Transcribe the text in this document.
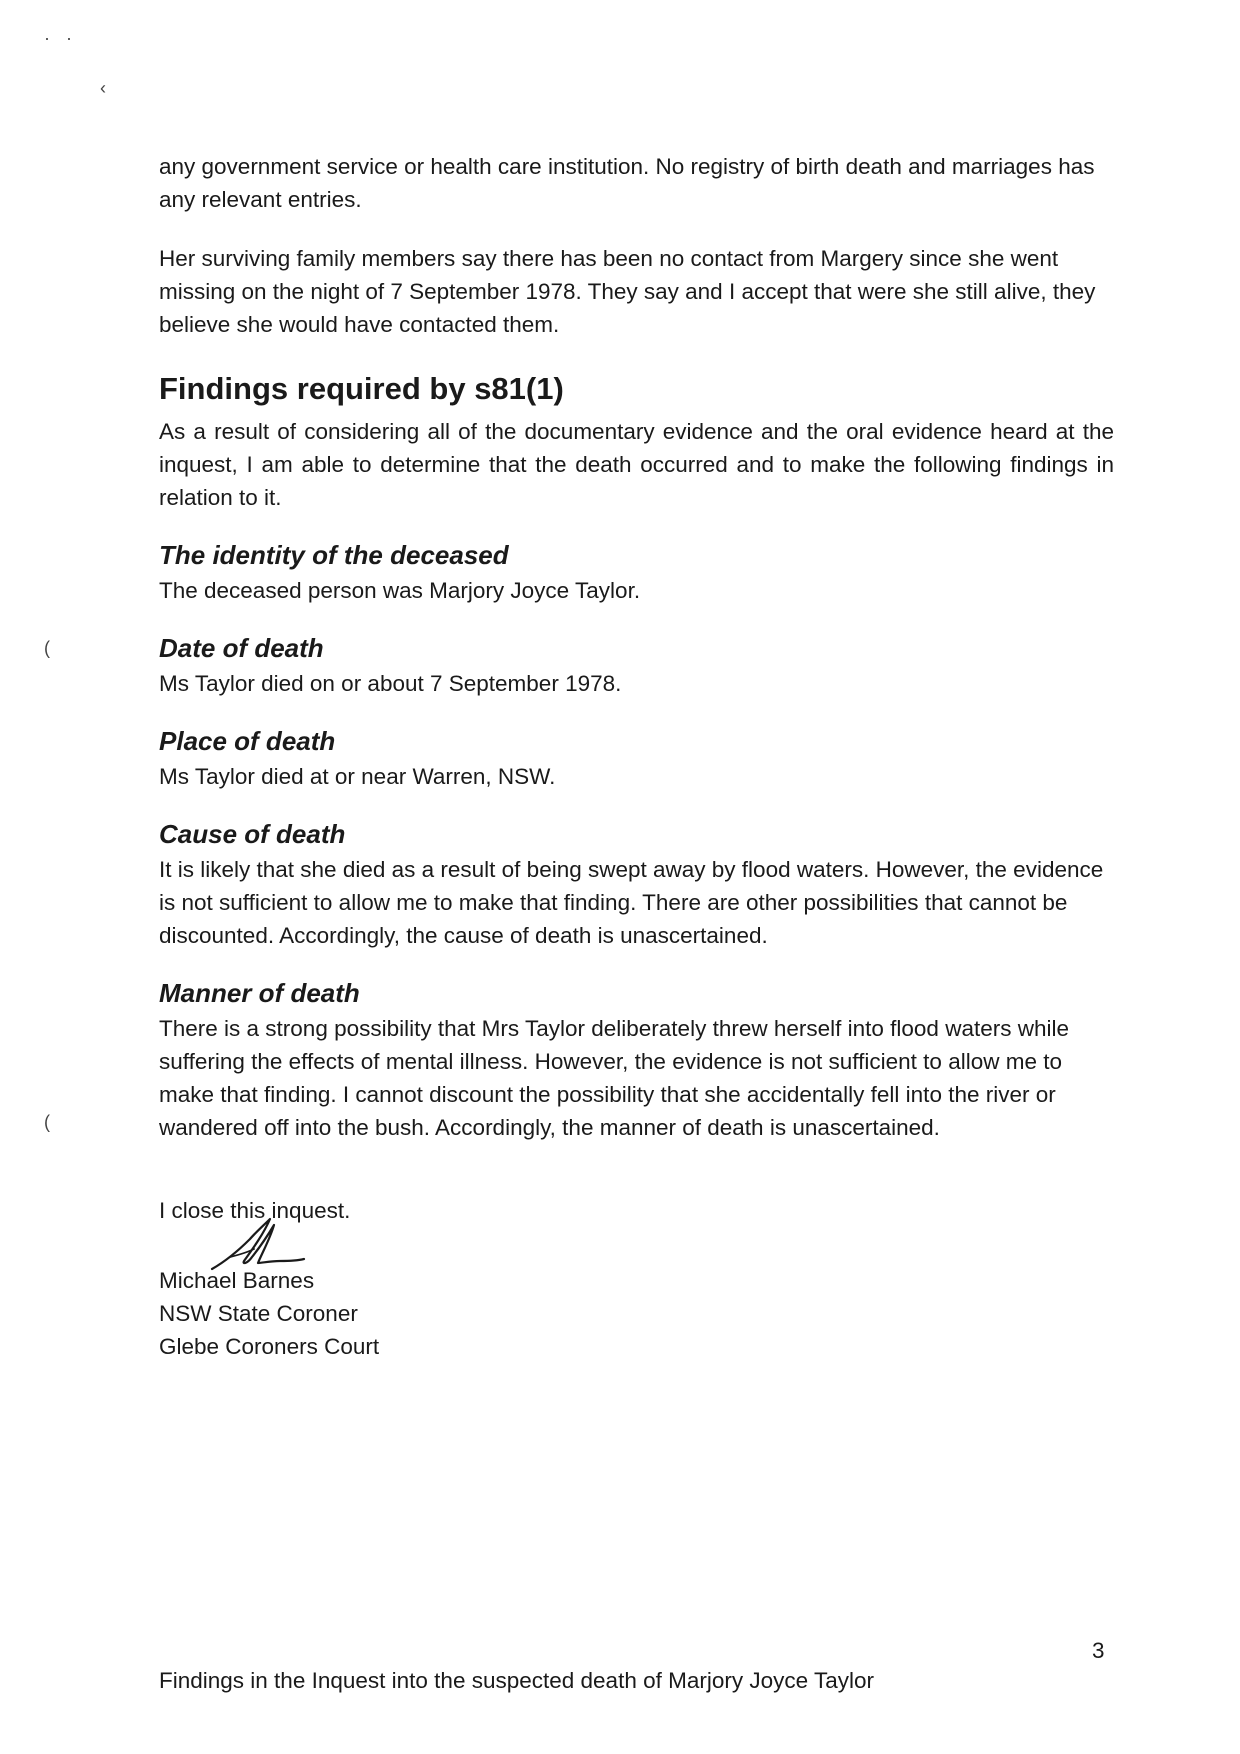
· ·
‹
(
(

any government service or health care institution. No registry of birth death and marriages has any relevant entries.

Her surviving family members say there has been no contact from Margery since she went missing on the night of 7 September 1978. They say and I accept that were she still alive, they believe she would have contacted them.

Findings required by s81(1)

As a result of considering all of the documentary evidence and the oral evidence heard at the inquest, I am able to determine that the death occurred and to make the following findings in relation to it.

The identity of the deceased

The deceased person was Marjory Joyce Taylor.

Date of death

Ms Taylor died on or about 7 September 1978.

Place of death

Ms Taylor died at or near Warren, NSW.

Cause of death

It is likely that she died as a result of being swept away by flood waters. However, the evidence is not sufficient to allow me to make that finding. There are other possibilities that cannot be discounted. Accordingly, the cause of death is unascertained.

Manner of death

There is a strong possibility that Mrs Taylor deliberately threw herself into flood waters while suffering the effects of mental illness. However, the evidence is not sufficient to allow me to make that finding. I cannot discount the possibility that she accidentally fell into the river or wandered off into the bush. Accordingly, the manner of death is unascertained.

I close this inquest.

Michael Barnes

NSW State Coroner

Glebe Coroners Court

3
Findings in the Inquest into the suspected death of Marjory Joyce Taylor
